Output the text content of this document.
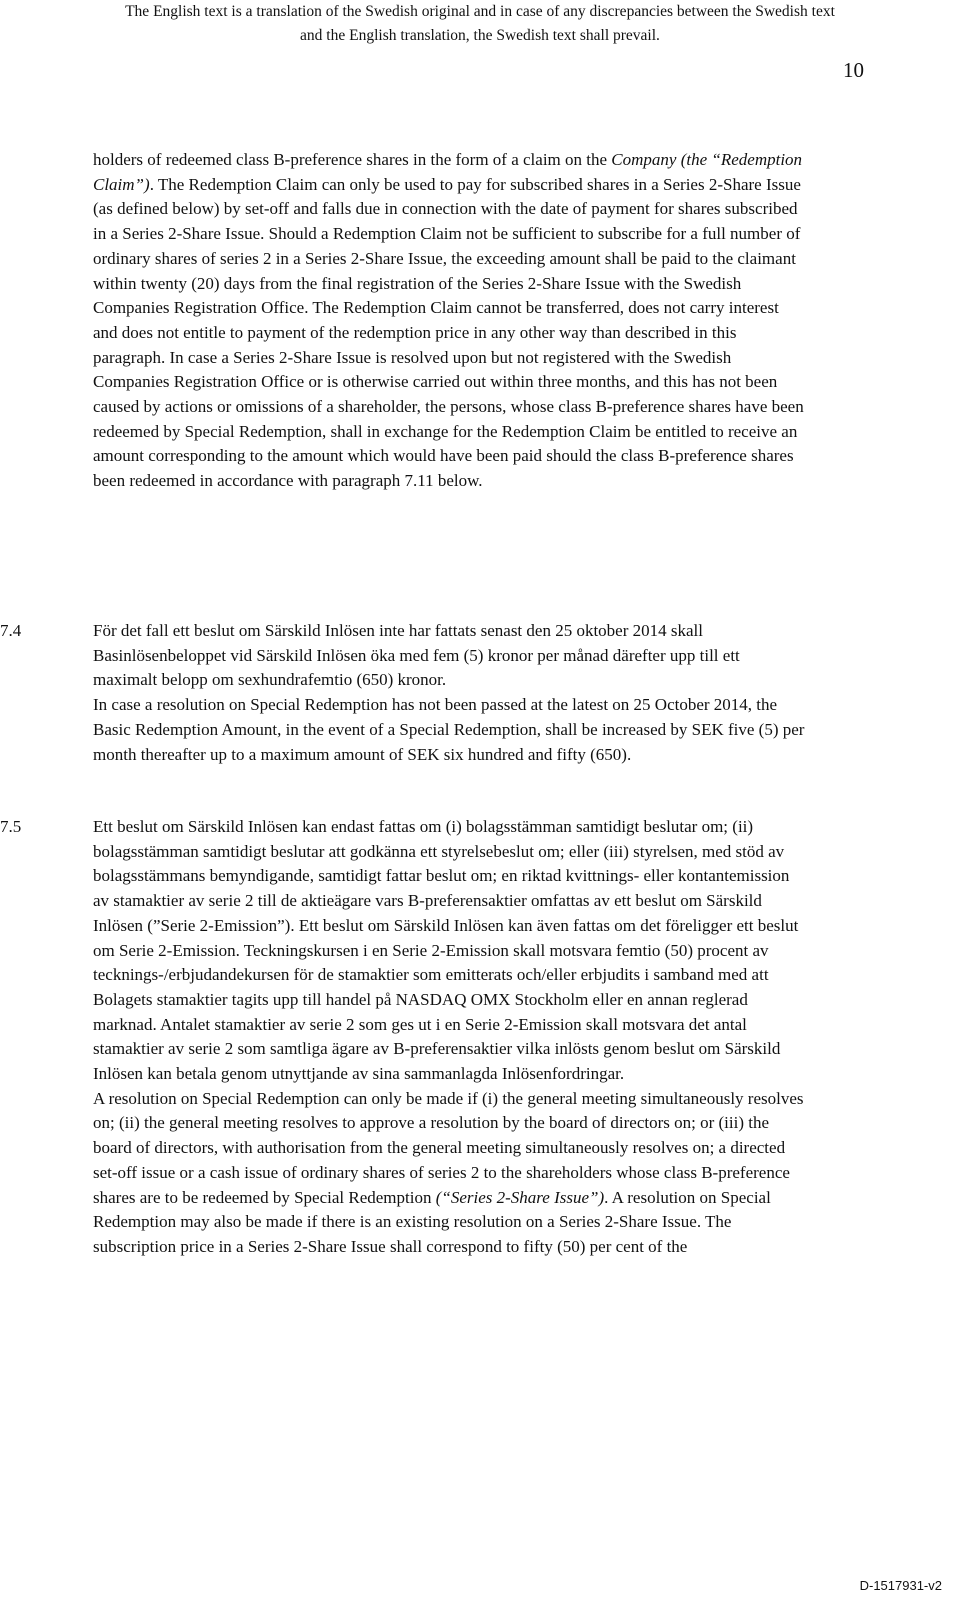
The English text is a translation of the Swedish original and in case of any discrepancies between the Swedish text
and the English translation, the Swedish text shall prevail.
10

holders of redeemed class B-preference shares in the form of a claim on the Company (the “Redemption Claim”). The Redemption Claim can only be used to pay for subscribed shares in a Series 2-Share Issue (as defined below) by set-off and falls due in connection with the date of payment for shares subscribed in a Series 2-Share Issue. Should a Redemption Claim not be sufficient to subscribe for a full number of ordinary shares of series 2 in a Series 2-Share Issue, the exceeding amount shall be paid to the claimant within twenty (20) days from the final registration of the Series 2-Share Issue with the Swedish Companies Registration Office. The Redemption Claim cannot be transferred, does not carry interest and does not entitle to payment of the redemption price in any other way than described in this paragraph. In case a Series 2-Share Issue is resolved upon but not registered with the Swedish Companies Registration Office or is otherwise carried out within three months, and this has not been caused by actions or omissions of a shareholder, the persons, whose class B-preference shares have been redeemed by Special Redemption, shall in exchange for the Redemption Claim be entitled to receive an amount corresponding to the amount which would have been paid should the class B-preference shares been redeemed in accordance with paragraph 7.11 below.

7.4	För det fall ett beslut om Särskild Inlösen inte har fattats senast den 25 oktober 2014 skall Basinlösenbeloppet vid Särskild Inlösen öka med fem (5) kronor per månad därefter upp till ett maximalt belopp om sexhundrafemtio (650) kronor.

In case a resolution on Special Redemption has not been passed at the latest on 25 October 2014, the Basic Redemption Amount, in the event of a Special Redemption, shall be increased by SEK five (5) per month thereafter up to a maximum amount of SEK six hundred and fifty (650).

7.5	Ett beslut om Särskild Inlösen kan endast fattas om (i) bolagsstämman samtidigt beslutar om; (ii) bolagsstämman samtidigt beslutar att godkänna ett styrelsebeslut om; eller (iii) styrelsen, med stöd av bolagsstämmans bemyndigande, samtidigt fattar beslut om; en riktad kvittnings- eller kontantemission av stamaktier av serie 2 till de aktieägare vars B-preferensaktier omfattas av ett beslut om Särskild Inlösen (”Serie 2-Emission”). Ett beslut om Särskild Inlösen kan även fattas om det föreligger ett beslut om Serie 2-Emission. Teckningskursen i en Serie 2-Emission skall motsvara femtio (50) procent av tecknings-/erbjudandekursen för de stamaktier som emitterats och/eller erbjudits i samband med att Bolagets stamaktier tagits upp till handel på NASDAQ OMX Stockholm eller en annan reglerad marknad. Antalet stamaktier av serie 2 som ges ut i en Serie 2-Emission skall motsvara det antal stamaktier av serie 2 som samtliga ägare av B-preferensaktier vilka inlösts genom beslut om Särskild Inlösen kan betala genom utnyttjande av sina sammanlagda Inlösenfordringar.

A resolution on Special Redemption can only be made if (i) the general meeting simultaneously resolves on; (ii) the general meeting resolves to approve a resolution by the board of directors on; or (iii) the board of directors, with authorisation from the general meeting simultaneously resolves on; a directed set-off issue or a cash issue of ordinary shares of series 2 to the shareholders whose class B-preference shares are to be redeemed by Special Redemption (“Series 2-Share Issue”). A resolution on Special Redemption may also be made if there is an existing resolution on a Series 2-Share Issue. The subscription price in a Series 2-Share Issue shall correspond to fifty (50) per cent of the

D-1517931-v2
